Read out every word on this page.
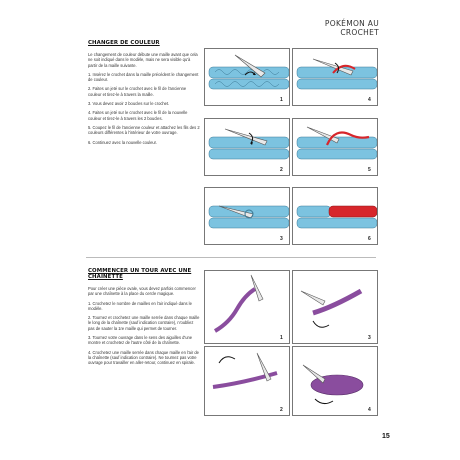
POKÉMON AU CROCHET
CHANGER DE COULEUR

Le changement de couleur débute une maille avant que cela ne soit indiqué dans le modèle, mais ne sera visible qu'à partir de la maille suivante.

1. Insérez le crochet dans la maille précédent le changement de couleur.

2. Faites un jeté sur le crochet avec le fil de l'ancienne couleur et tirez-le à travers la maille.

3. Vous devez avoir 2 boucles sur le crochet.

4. Faites un jeté sur le crochet avec le fil de la nouvelle couleur et tirez-le à travers les 2 boucles.

5. Coupez le fil de l'ancienne couleur et attachez les fils des 2 couleurs différentes à l'intérieur de votre ouvrage.

6. Continuez avec la nouvelle couleur.

1
2
3
4
5
6
COMMENCER UN TOUR AVEC UNE CHAÎNETTE

Pour créer une pièce ovale, vous devez parfois commencer par une chaînette à la place du cercle magique.

1. Crochetez le nombre de mailles en l'air indiqué dans le modèle.

2. Tournez et crochetez une maille serrée dans chaque maille le long de la chaînette (sauf indication contraire), n'oubliez pas de sauter la 1re maille qui permet de tourner.

3. Tournez votre ouvrage dans le sens des aiguilles d'une montre et crochetez de l'autre côté de la chaînette.

4. Crochetez une maille serrée dans chaque maille en l'air de la chaînette (sauf indication contraire). Ne tournez pas votre ouvrage pour travailler en aller-retour, continuez en spirale.

1
2
3
4
15
